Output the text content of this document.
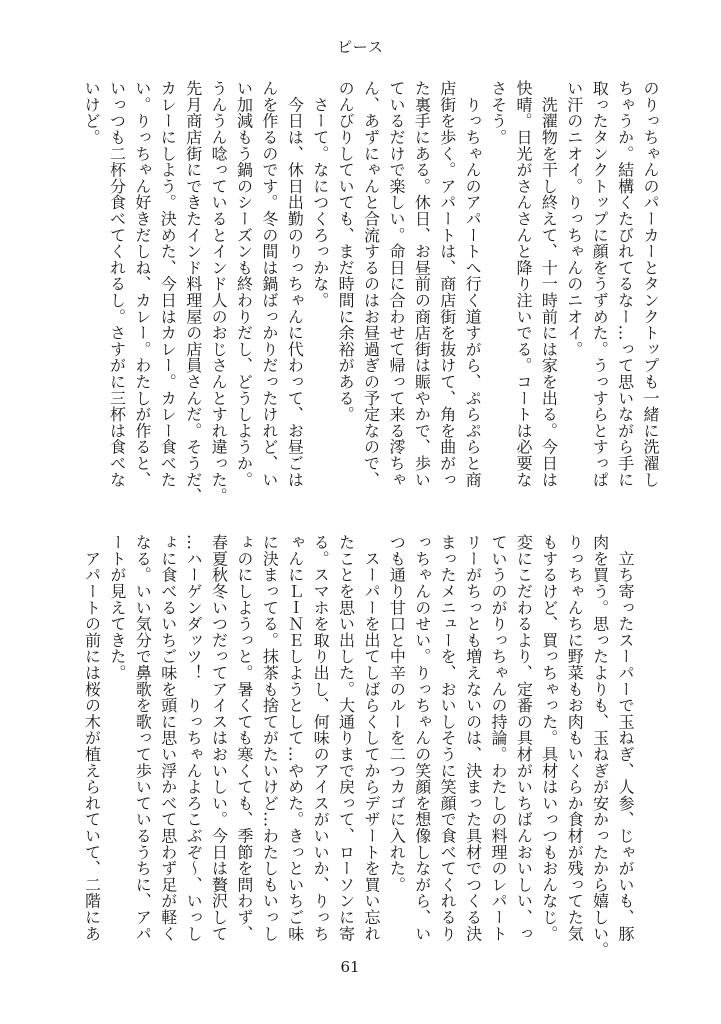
ピース
のりっちゃんのパーカーとタンクトップも一緒に洗濯し
ちゃうか。結構くたびれてるなー…って思いながら手に
取ったタンクトップに顔をうずめた。うっすらとすっぱ
い汗のニオイ。りっちゃんのニオイ。
　洗濯物を干し終えて、十一時前には家を出る。今日は
快晴。日光がさんさんと降り注いでる。コートは必要な
さそう。
　りっちゃんのアパートへ行く道すがら、ぷらぷらと商
店街を歩く。アパートは、商店街を抜けて、角を曲がっ
た裏手にある。休日、お昼前の商店街は賑やかで、歩い
ているだけで楽しい。命日に合わせて帰って来る澪ちゃ
ん、あずにゃんと合流するのはお昼過ぎの予定なので、
のんびりしていても、まだ時間に余裕がある。
　さーて。なにつくろっかな。
　今日は、休日出勤のりっちゃんに代わって、お昼ごは
んを作るのです。冬の間は鍋ばっかりだったけれど、い
い加減もう鍋のシーズンも終わりだし、どうしようか。
うんうん唸っているとインド人のおじさんとすれ違った。
先月商店街にできたインド料理屋の店員さんだ。そうだ、
カレーにしよう。決めた、今日はカレー。カレー食べた
い。りっちゃん好きだしね、カレー。わたしが作ると、
いっつも二杯分食べてくれるし。さすがに三杯は食べな
いけど。
　立ち寄ったスーパーで玉ねぎ、人参、じゃがいも、豚
肉を買う。思ったよりも、玉ねぎが安かったから嬉しい。
りっちゃんちに野菜もお肉もいくらか食材が残ってた気
もするけど、買っちゃった。具材はいっつもおんなじ。
変にこだわるより、定番の具材がいちばんおいしい、っ
ていうのがりっちゃんの持論。わたしの料理のレパート
リーがちっとも増えないのは、決まった具材でつくる決
まったメニューを、おいしそうに笑顔で食べてくれるり
っちゃんのせい。りっちゃんの笑顔を想像しながら、い
つも通り甘口と中辛のルーを二つカゴに入れた。
　スーパーを出てしばらくしてからデザートを買い忘れ
たことを思い出した。大通りまで戻って、ローソンに寄
る。スマホを取り出し、何味のアイスがいいか、りっち
ゃんにＬＩＮＥしようとして…やめた。きっといちご味
に決まってる。抹茶も捨てがたいけど…わたしもいっし
ょのにしようっと。暑くても寒くても、季節を問わず、
春夏秋冬いつだってアイスはおいしい。今日は贅沢して
…ハーゲンダッツ！　りっちゃんよろこぶぞ～、いっし
ょに食べるいちご味を頭に思い浮かべて思わず足が軽く
なる。いい気分で鼻歌を歌って歩いているうちに、アパ
ートが見えてきた。
　アパートの前には桜の木が植えられていて、二階にあ
61
